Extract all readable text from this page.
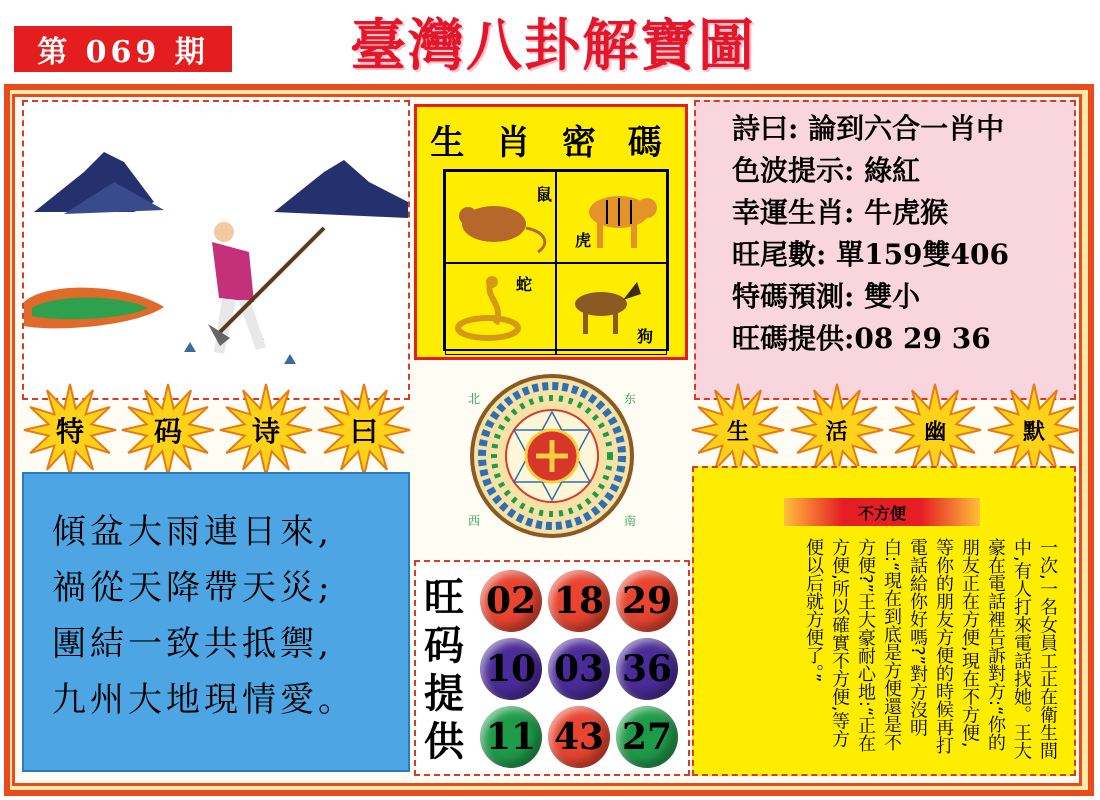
第 069 期	臺灣八卦解寶圖
生 肖 密 碼
鼠
虎
蛇
狗
詩曰: 論到六合一肖中
色波提示: 綠紅
幸運生肖: 牛虎猴
旺尾數: 單159雙406
特碼預測: 雙小
旺碼提供:08 29 36
特	码	诗	曰	生	活	幽	默
北	东
南
西
傾盆大雨連日來,
禍從天降帶天災;
團結一致共抵禦,
九州大地現情愛。
旺
码
提
供
02 18 29
10 03 36
11 43 27
不方便
一次,一名女員工正在衛生間中,有人打來電話找她。王大豪在電話裡告訴對方:“你的朋友正在方便,現在不方便,等你的朋友方便的時候再打電話給你好嗎?”對方沒明白:“現在到底是方便還是不方便?”王大豪耐心地:“正在方便,所以確實不方便,等方便以后就方便了。”
